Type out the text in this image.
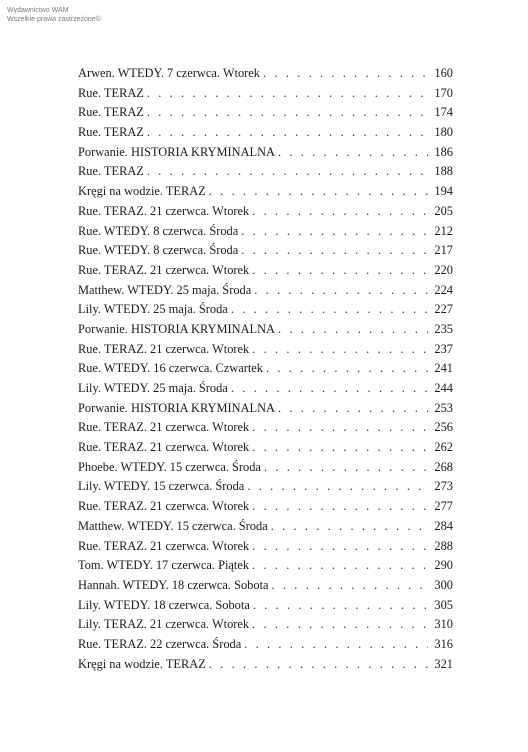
Wydawnictwo WAM
Wszelkie prawa zastrzeżone©
Arwen. WTEDY. 7 czerwca. Wtorek . . .	160
Rue. TERAZ . . .	170
Rue. TERAZ . . .	174
Rue. TERAZ . . .	180
Porwanie. HISTORIA KRYMINALNA . . .	186
Rue. TERAZ . . .	188
Kręgi na wodzie. TERAZ . . .	194
Rue. TERAZ. 21 czerwca. Wtorek . . .	205
Rue. WTEDY. 8 czerwca. Środa . . .	212
Rue. WTEDY. 8 czerwca. Środa . . .	217
Rue. TERAZ. 21 czerwca. Wtorek . . .	220
Matthew. WTEDY. 25 maja. Środa . . .	224
Lily. WTEDY. 25 maja. Środa . . .	227
Porwanie. HISTORIA KRYMINALNA . . .	235
Rue. TERAZ. 21 czerwca. Wtorek . . .	237
Rue. WTEDY. 16 czerwca. Czwartek . . .	241
Lily. WTEDY. 25 maja. Środa . . .	244
Porwanie. HISTORIA KRYMINALNA . . .	253
Rue. TERAZ. 21 czerwca. Wtorek . . .	256
Rue. TERAZ. 21 czerwca. Wtorek . . .	262
Phoebe. WTEDY. 15 czerwca. Środa . . .	268
Lily. WTEDY. 15 czerwca. Środa . . .	273
Rue. TERAZ. 21 czerwca. Wtorek . . .	277
Matthew. WTEDY. 15 czerwca. Środa . . .	284
Rue. TERAZ. 21 czerwca. Wtorek . . .	288
Tom. WTEDY. 17 czerwca. Piątek . . .	290
Hannah. WTEDY. 18 czerwca. Sobota . . .	300
Lily. WTEDY. 18 czerwca. Sobota . . .	305
Lily. TERAZ. 21 czerwca. Wtorek . . .	310
Rue. TERAZ. 22 czerwca. Środa . . .	316
Kręgi na wodzie. TERAZ . . .	321
